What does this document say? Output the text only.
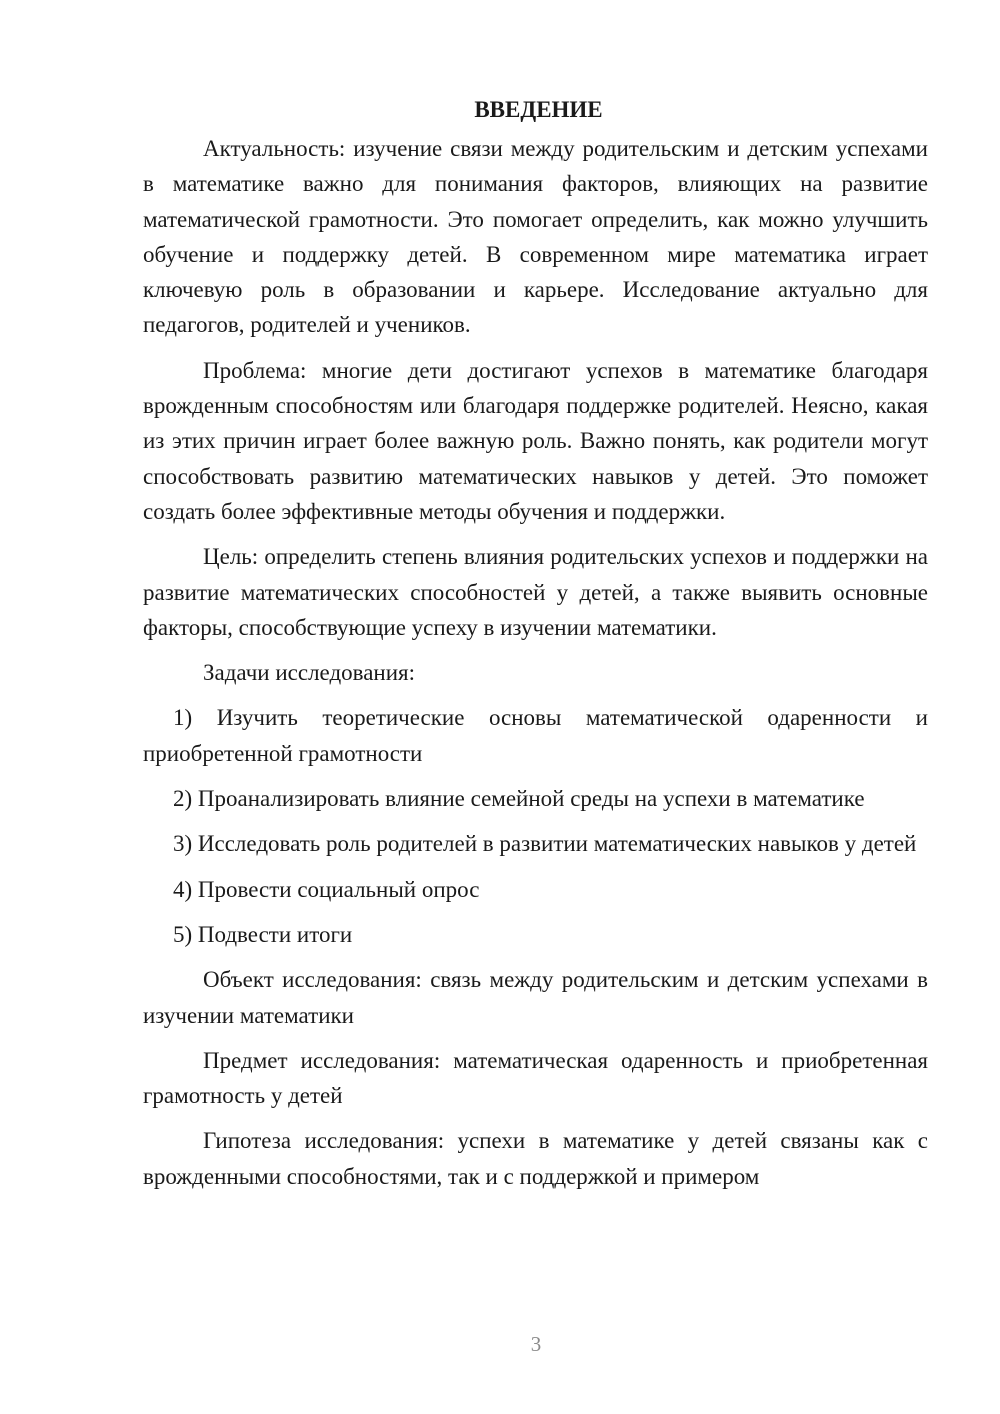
ВВЕДЕНИЕ

Актуальность: изучение связи между родительским и детским успехами в математике важно для понимания факторов, влияющих на развитие математической грамотности. Это помогает определить, как можно улучшить обучение и поддержку детей. В современном мире математика играет ключевую роль в образовании и карьере. Исследование актуально для педагогов, родителей и учеников.

Проблема: многие дети достигают успехов в математике благодаря врожденным способностям или благодаря поддержке родителей. Неясно, какая из этих причин играет более важную роль. Важно понять, как родители могут способствовать развитию математических навыков у детей. Это поможет создать более эффективные методы обучения и поддержки.

Цель: определить степень влияния родительских успехов и поддержки на развитие математических способностей у детей, а также выявить основные факторы, способствующие успеху в изучении математики.

Задачи исследования:

1) Изучить теоретические основы математической одаренности и приобретенной грамотности

2) Проанализировать влияние семейной среды на успехи в математике

3) Исследовать роль родителей в развитии математических навыков у детей

4) Провести социальный опрос

5) Подвести итоги

Объект исследования: связь между родительским и детским успехами в изучении математики

Предмет исследования: математическая одаренность и приобретенная грамотность у детей

Гипотеза исследования: успехи в математике у детей связаны как с врожденными способностями, так и с поддержкой и примером

3
